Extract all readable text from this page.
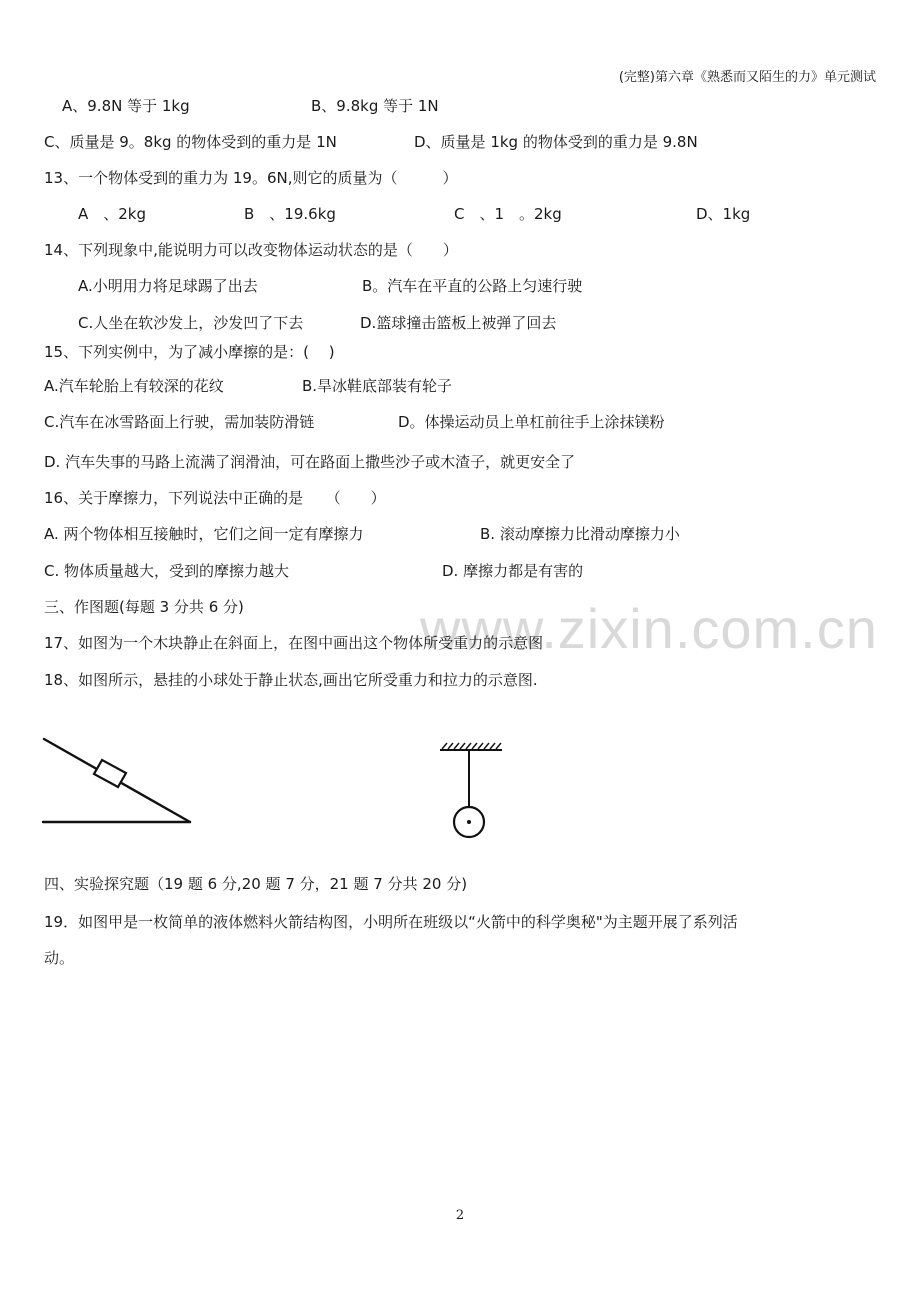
(完整)第六章《熟悉而又陌生的力》单元测试
www.zixin.com.cn
A、9.8N 等于 1kg	B、9.8kg 等于 1N
C、质量是 9。8kg 的物体受到的重力是 1N	D、质量是 1kg 的物体受到的重力是 9.8N
13、一个物体受到的重力为 19。6N,则它的质量为（　　　）
A　、2kg	B　、19.6kg	C　、1　。2kg	D、1kg
14、下列现象中,能说明力可以改变物体运动状态的是（　　）
A.小明用力将足球踢了出去	B。汽车在平直的公路上匀速行驶
C.人坐在软沙发上，沙发凹了下去	D.篮球撞击篮板上被弹了回去
15、下列实例中，为了减小摩擦的是：(　 )
A.汽车轮胎上有较深的花纹	B.旱冰鞋底部装有轮子
C.汽车在冰雪路面上行驶，需加装防滑链	D。体操运动员上单杠前往手上涂抹镁粉
D. 汽车失事的马路上流满了润滑油，可在路面上撒些沙子或木渣子，就更安全了
16、关于摩擦力，下列说法中正确的是　　（　　）
A. 两个物体相互接触时，它们之间一定有摩擦力	B. 滚动摩擦力比滑动摩擦力小
C. 物体质量越大，受到的摩擦力越大	D. 摩擦力都是有害的
三、作图题(每题 3 分共 6 分)
17、如图为一个木块静止在斜面上，在图中画出这个物体所受重力的示意图
18、如图所示，悬挂的小球处于静止状态,画出它所受重力和拉力的示意图.
四、实验探究题（19 题 6 分,20 题 7 分，21 题 7 分共 20 分)
19．如图甲是一枚简单的液体燃料火箭结构图，小明所在班级以“火箭中的科学奥秘"为主题开展了系列活
动。
2
